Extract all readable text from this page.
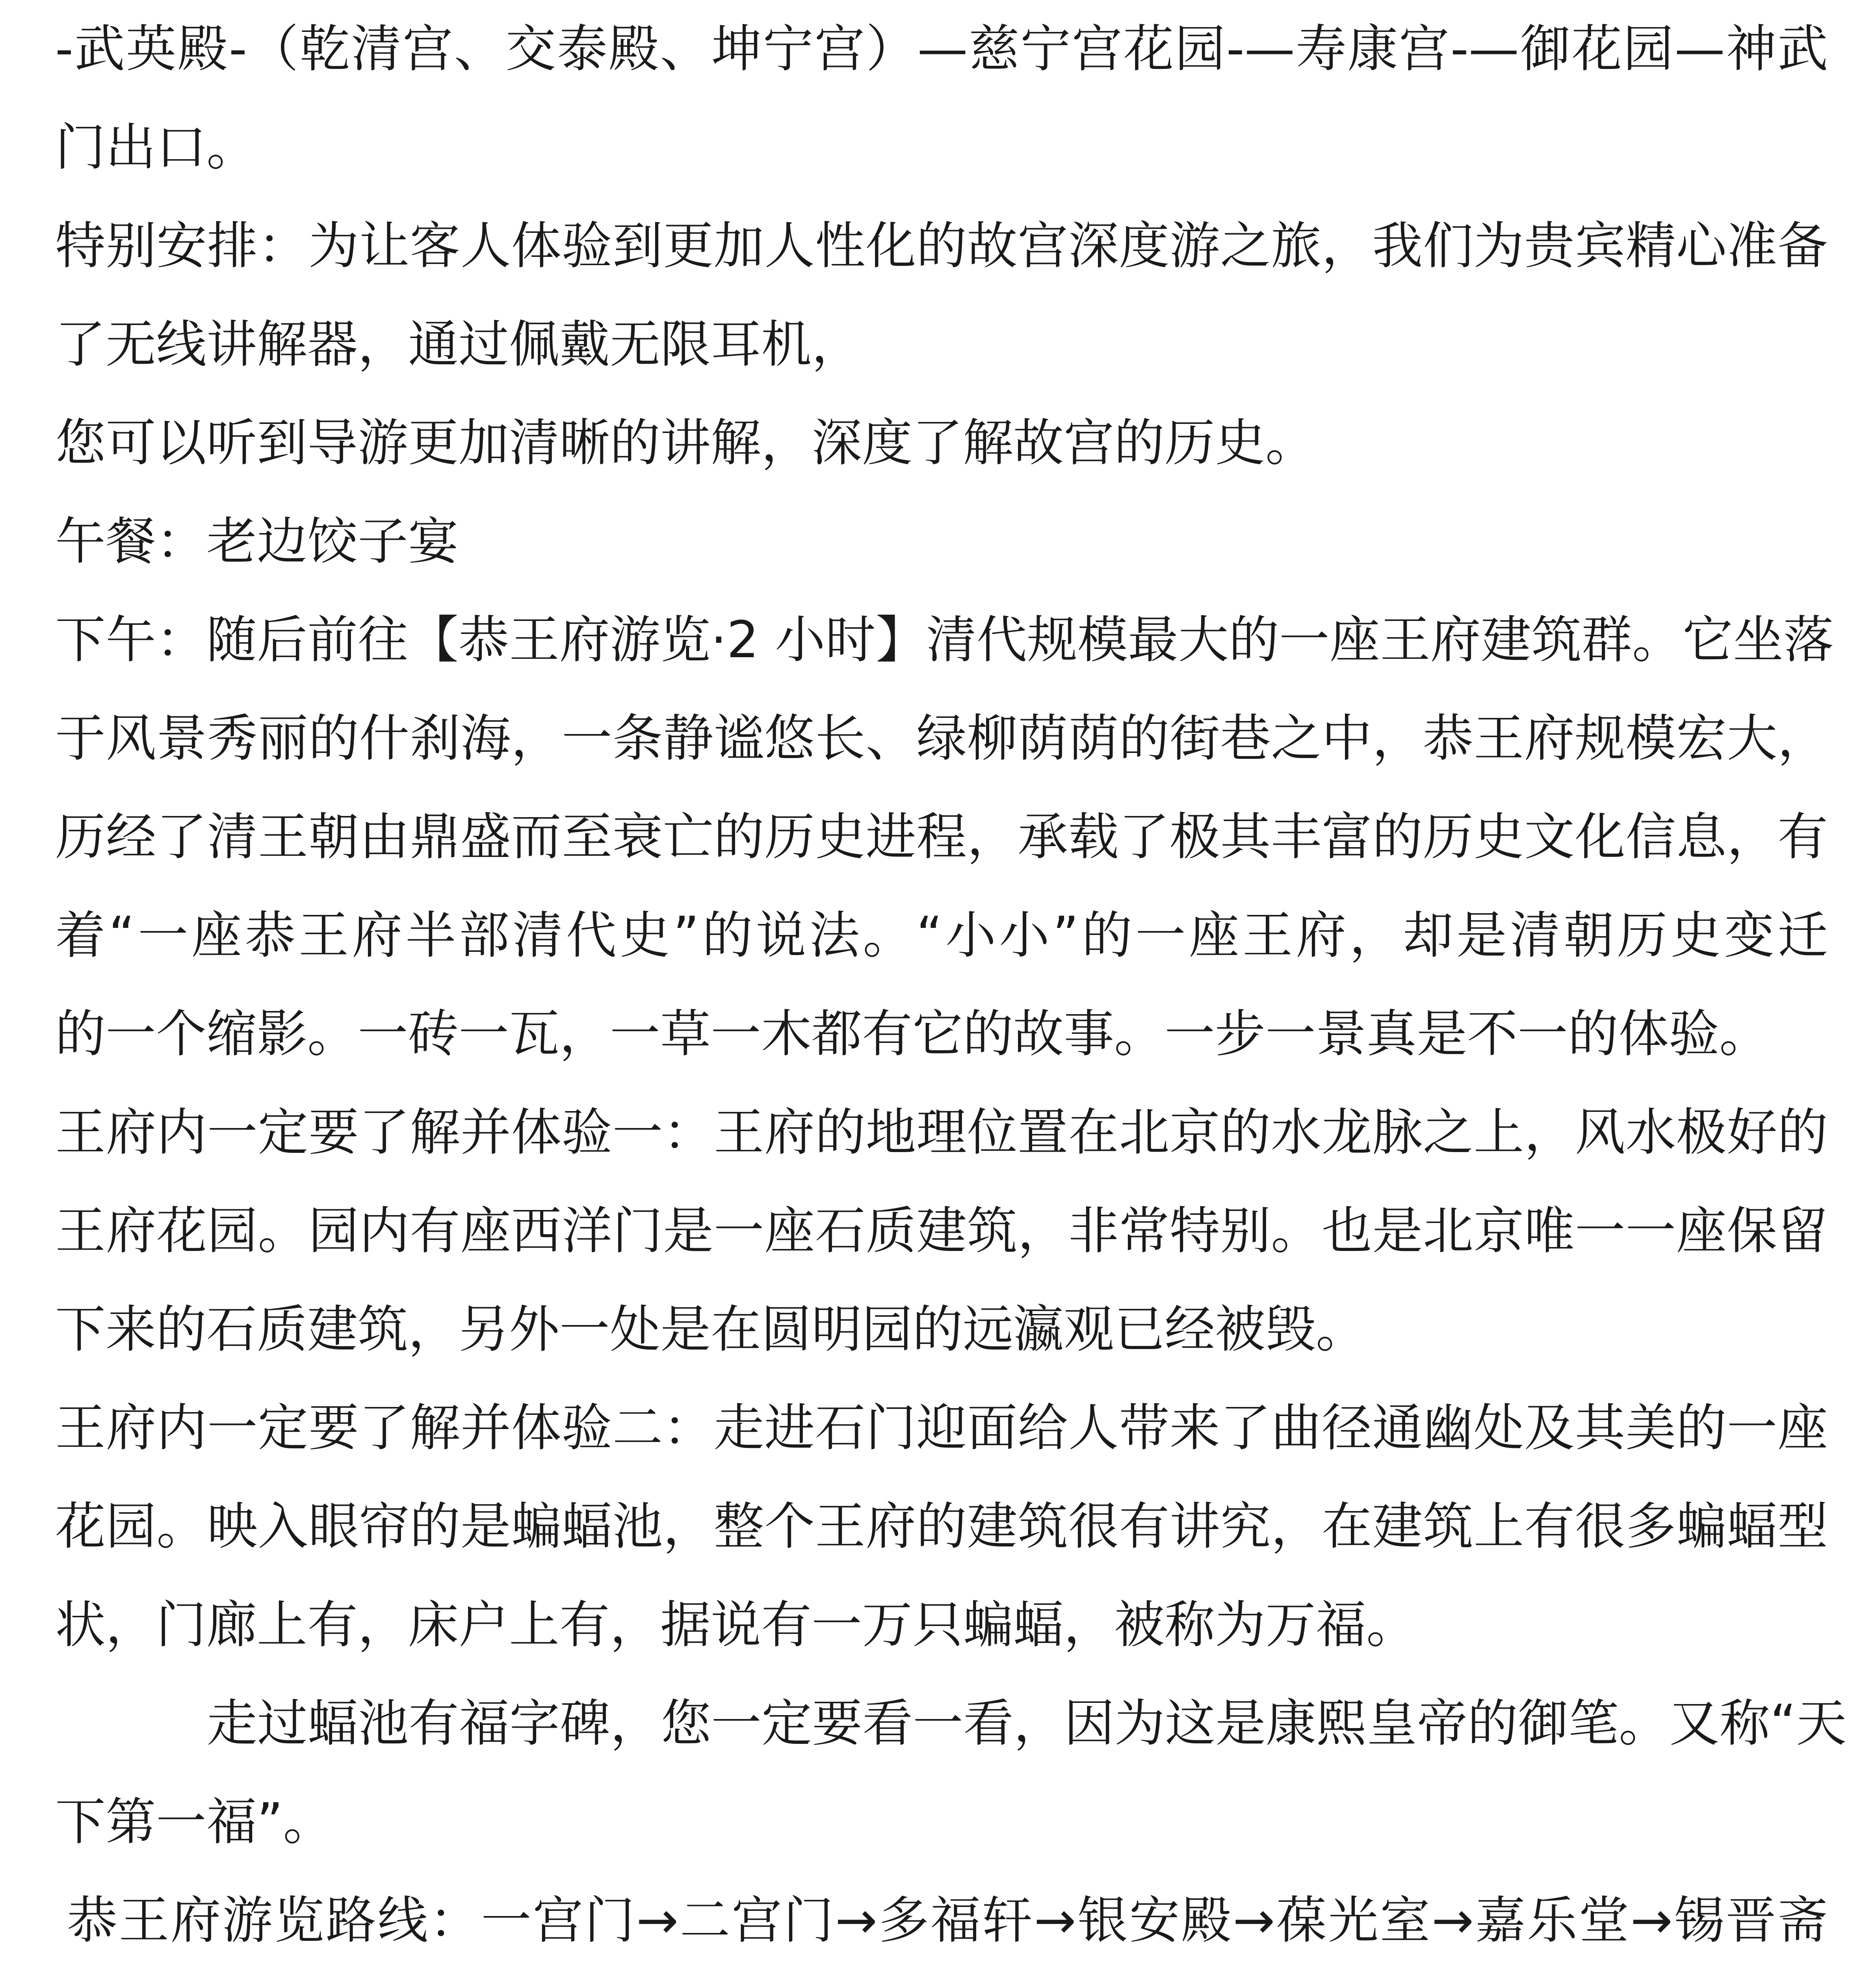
-武英殿-（乾清宫、交泰殿、坤宁宫）—慈宁宫花园-—寿康宫-—御花园—神武
门出口。
特别安排：为让客人体验到更加人性化的故宫深度游之旅，我们为贵宾精心准备
了无线讲解器，通过佩戴无限耳机，
您可以听到导游更加清晰的讲解，深度了解故宫的历史。
午餐：老边饺子宴
下午：随后前往【恭王府游览·2 小时】清代规模最大的一座王府建筑群。它坐落
于风景秀丽的什刹海，一条静谧悠长、绿柳荫荫的街巷之中，恭王府规模宏大，
历经了清王朝由鼎盛而至衰亡的历史进程，承载了极其丰富的历史文化信息，有
着“一座恭王府半部清代史”的说法。“小小”的一座王府，却是清朝历史变迁
的一个缩影。一砖一瓦，一草一木都有它的故事。一步一景真是不一的体验。
王府内一定要了解并体验一：王府的地理位置在北京的水龙脉之上，风水极好的
王府花园。园内有座西洋门是一座石质建筑，非常特别。也是北京唯一一座保留
下来的石质建筑，另外一处是在圆明园的远瀛观已经被毁。
王府内一定要了解并体验二：走进石门迎面给人带来了曲径通幽处及其美的一座
花园。映入眼帘的是蝙蝠池，整个王府的建筑很有讲究，在建筑上有很多蝙蝠型
状，门廊上有，床户上有，据说有一万只蝙蝠，被称为万福。
走过蝠池有福字碑，您一定要看一看，因为这是康熙皇帝的御笔。又称“天
下第一福”。
恭王府游览路线：一宫门→二宫门→多福轩→银安殿→葆光室→嘉乐堂→锡晋斋
